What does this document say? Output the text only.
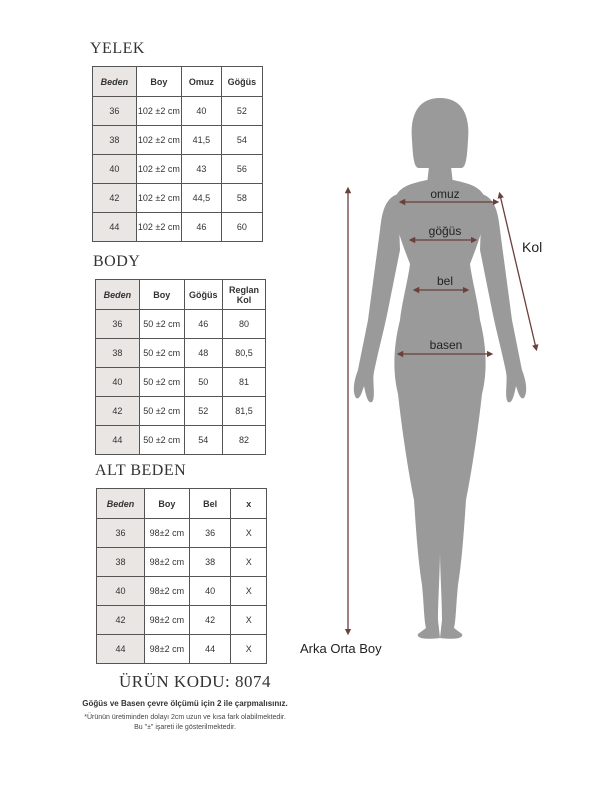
YELEK
Beden	Boy	Omuz	Göğüs
36	102 ±2 cm	40	52
38	102 ±2 cm	41,5	54
40	102 ±2 cm	43	56
42	102 ±2 cm	44,5	58
44	102 ±2 cm	46	60
BODY
Beden	Boy	Göğüs	Reglan Kol
36	50 ±2 cm	46	80
38	50 ±2 cm	48	80,5
40	50 ±2 cm	50	81
42	50 ±2 cm	52	81,5
44	50 ±2 cm	54	82
ALT BEDEN
Beden	Boy	Bel	x
36	98±2 cm	36	X
38	98±2 cm	38	X
40	98±2 cm	40	X
42	98±2 cm	42	X
44	98±2 cm	44	X
ÜRÜN KODU: 8074
Göğüs ve Basen çevre ölçümü için 2 ile çarpmalısınız.
*Ürünün üretiminden dolayı 2cm uzun ve kısa fark olabilmektedir.
Bu "±" işareti ile gösterilmektedir.
omuz
göğüs
bel
basen
Kol
Arka Orta Boy
